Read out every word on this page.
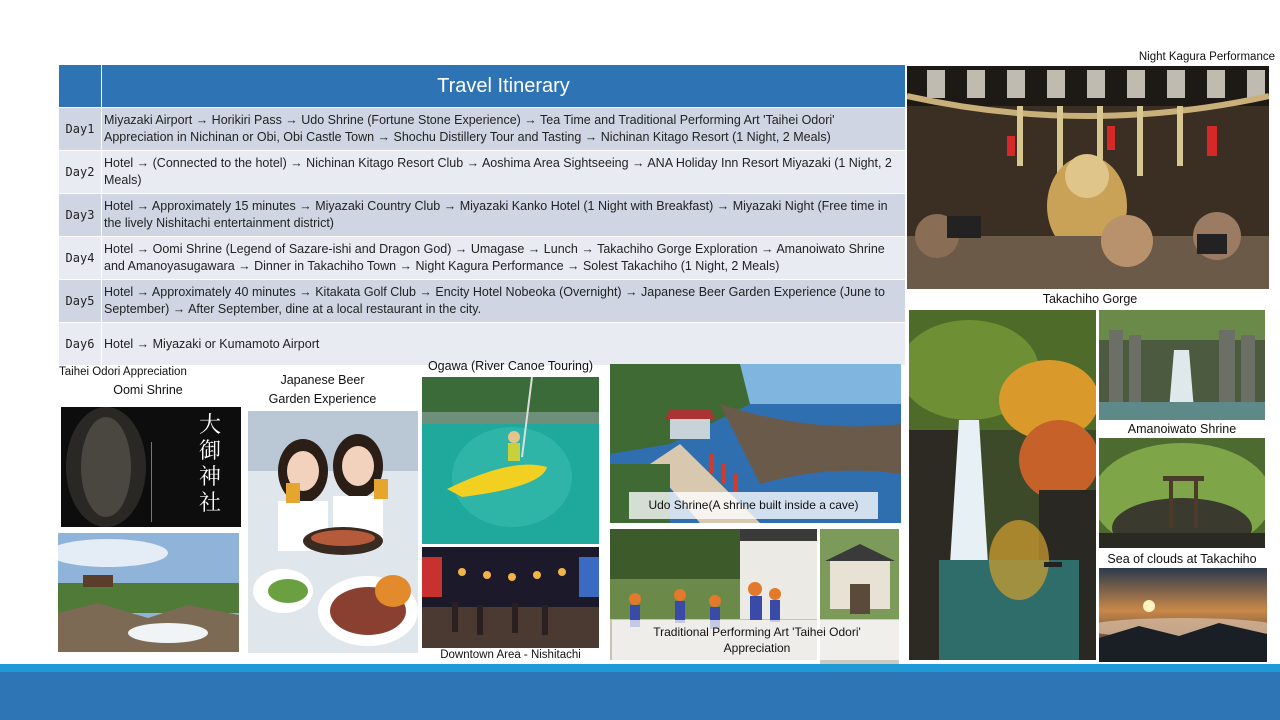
	Travel Itinerary
Day1	Miyazaki Airport → Horikiri Pass → Udo Shrine (Fortune Stone Experience) → Tea Time and Traditional Performing Art 'Taihei Odori' Appreciation in Nichinan or Obi, Obi Castle Town → Shochu Distillery Tour and Tasting → Nichinan Kitago Resort (1 Night, 2 Meals)
Day2	Hotel → (Connected to the hotel) → Nichinan Kitago Resort Club → Aoshima Area Sightseeing → ANA Holiday Inn Resort Miyazaki (1 Night, 2 Meals)
Day3	Hotel → Approximately 15 minutes → Miyazaki Country Club → Miyazaki Kanko Hotel (1 Night with Breakfast) → Miyazaki Night (Free time in the lively Nishitachi entertainment district)
Day4	Hotel → Oomi Shrine (Legend of Sazare-ishi and Dragon God) → Umagase → Lunch → Takachiho Gorge Exploration → Amanoiwato Shrine and Amanoyasugawara → Dinner in Takachiho Town → Night Kagura Performance → Solest Takachiho (1 Night, 2 Meals)
Day5	Hotel → Approximately 40 minutes → Kitakata Golf Club → Encity Hotel Nobeoka (Overnight) → Japanese Beer Garden Experience (June to September) → After September, dine at a local restaurant in the city.
Day6	Hotel → Miyazaki or Kumamoto Airport
Night Kagura Performance
Takachiho Gorge
Amanoiwato Shrine
Sea of clouds at Takachiho
Taihei Odori Appreciation
Oomi Shrine
大
御
神
社
Japanese Beer
Garden Experience
Ogawa (River Canoe Touring)
Downtown Area - Nishitachi
Udo Shrine(A shrine built inside a cave)
Traditional Performing Art 'Taihei Odori'
Appreciation
